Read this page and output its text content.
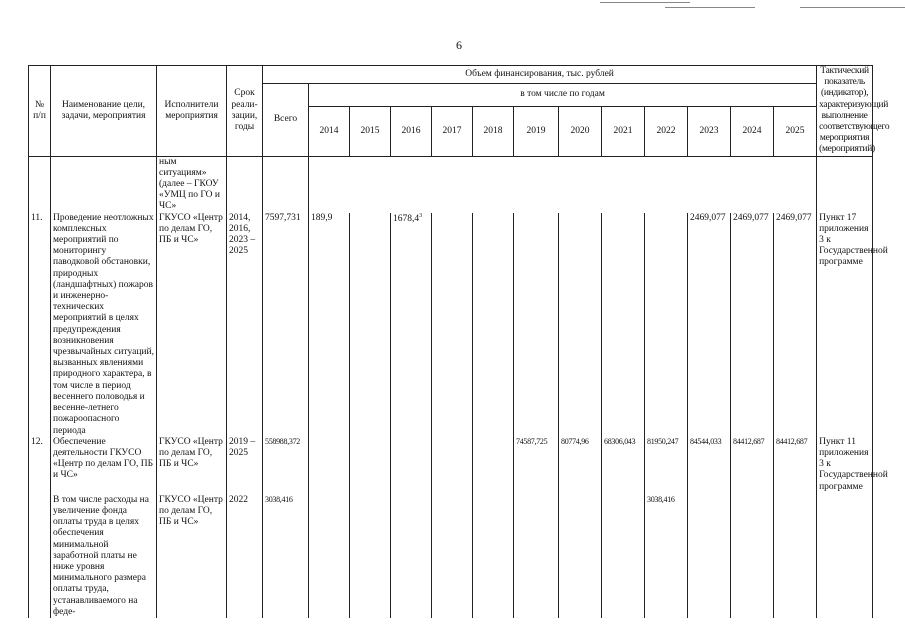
6
№ п/п	Наименование цели, задачи, мероприятия	Исполнители мероприятия	Срок реали-зации, годы	Объем финансирования, тыс. рублей													Тактический показатель (индикатор), характеризующий выполнение соответствующего мероприятия (мероприятий)
				Всего	в том числе по годам												
					2014	2015	2016	2017	2018	2019	2020	2021	2022	2023	2024	2025	
		ным ситуациям» (далее – ГКОУ «УМЦ по ГО и ЧС»															
11.	Проведение неотложных комплексных мероприятий по мониторингу паводковой обстановки, природных (ландшафтных) пожаров и инженерно-технических мероприятий в целях предупреждения возникновения чрезвычайных ситуаций, вызванных явлениями природного характера, в том числе в период весеннего половодья и весенне-летнего пожароопасного периода	ГКУСО «Центр по делам ГО, ПБ и ЧС»	2014, 2016, 2023 – 2025	7597,731	189,9		1678,4$^3$							2469,077	2469,077	2469,077	Пункт 17 приложения 3 к Государственной программе
12.	Обеспечение деятельности ГКУСО «Центр по делам ГО, ПБ и ЧС»	ГКУСО «Центр по делам ГО, ПБ и ЧС»	2019 – 2025	558988,372						74587,725	80774,96	68306,043	81950,247	84544,033	84412,687	84412,687	Пункт 11 приложения 3 к Государственной программе
	В том числе расходы на увеличение фонда оплаты труда в целях обеспечения минимальной заработной платы не ниже уровня минимального размера оплаты труда, устанавливаемого на феде-	ГКУСО «Центр по делам ГО, ПБ и ЧС»	2022	3038,416									3038,416				
